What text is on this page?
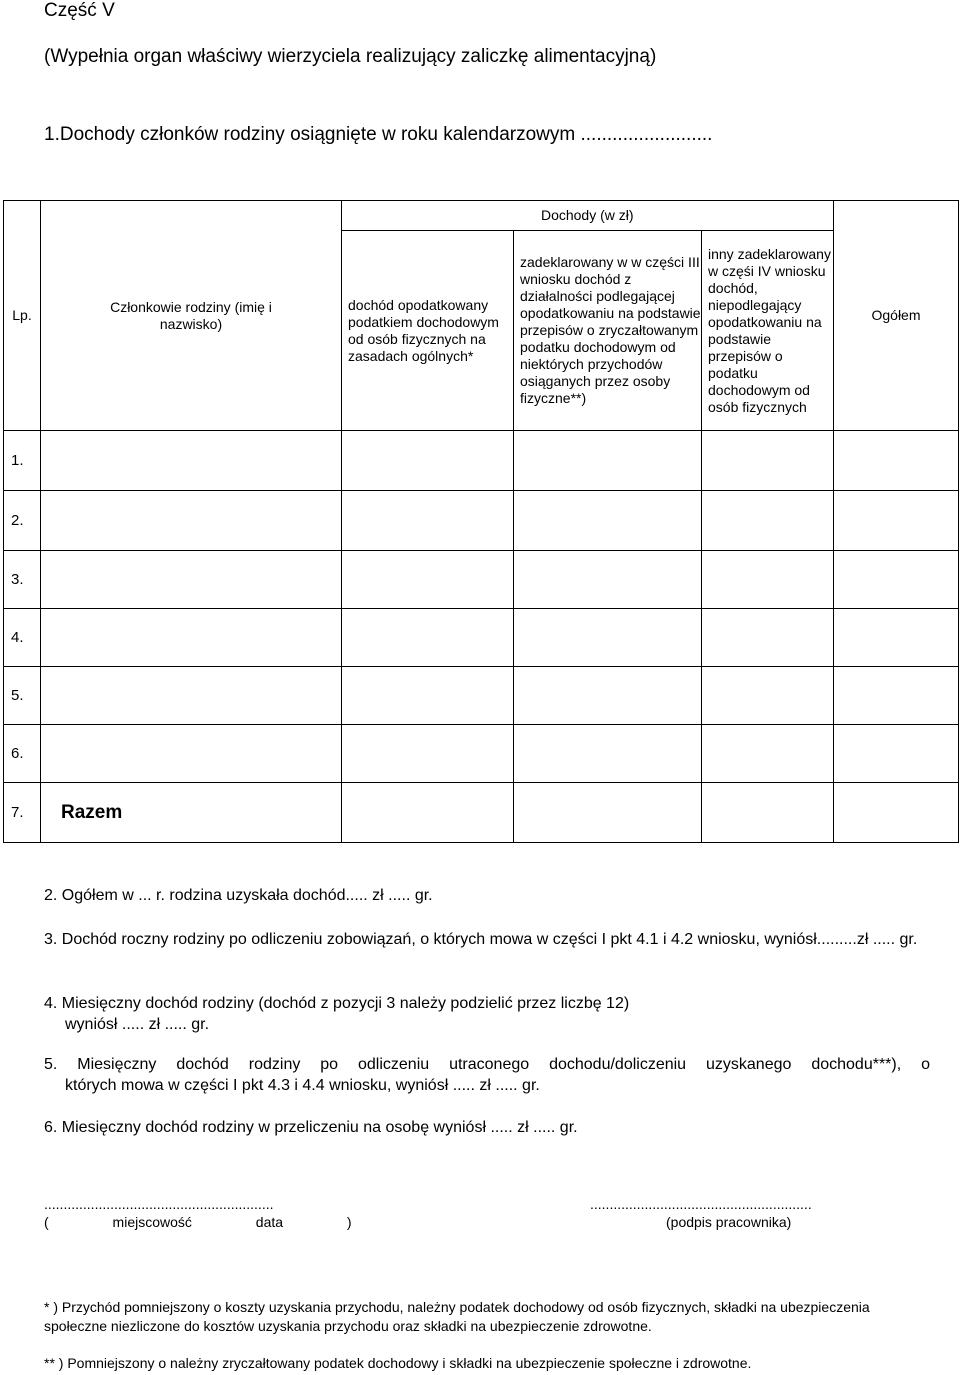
Część V
(Wypełnia organ właściwy wierzyciela realizujący zaliczkę alimentacyjną)
1.Dochody członków rodziny osiągnięte w roku kalendarzowym .........................
Lp.	Członkowie rodziny (imię i nazwisko)		Dochody (w zł)		Ogółem
		dochód opodatkowany podatkiem dochodowym od osób fizycznych na zasadach ogólnych*	zadeklarowany w w części III wniosku dochód z działalności podlegającej opodatkowaniu na podstawie przepisów o zryczałtowanym podatku dochodowym od niektórych przychodów osiąganych przez osoby fizyczne**)	inny zadeklarowany w częśi IV wniosku dochód, niepodlegający opodatkowaniu na podstawie przepisów o podatku dochodowym od osób fizycznych	
1.					
2.					
3.					
4.					
5.					
6.					
7.	Razem				
2. Ogółem w ... r. rodzina uzyskała dochód..... zł ..... gr.
3. Dochód roczny rodziny po odliczeniu zobowiązań, o których mowa w części I pkt 4.1 i 4.2 wniosku, wyniósł.........zł ..... gr.
4. Miesięczny dochód rodziny (dochód z pozycji 3 należy podzielić przez liczbę 12)
wyniósł ..... zł ..... gr.
5. Miesięczny dochód rodziny po odliczeniu utraconego dochodu/doliczeniu uzyskanego dochodu***), o
których mowa w części I pkt 4.3 i 4.4 wniosku, wyniósł ..... zł ..... gr.
6. Miesięczny dochód rodziny w przeliczeniu na osobę wyniósł ..... zł ..... gr.
...........................................................	.........................................................
( miejscowość data )	(podpis pracownika)
* ) Przychód pomniejszony o koszty uzyskania przychodu, należny podatek dochodowy od osób fizycznych, składki na ubezpieczenia społeczne niezliczone do kosztów uzyskania przychodu oraz składki na ubezpieczenie zdrowotne.
** ) Pomniejszony o należny zryczałtowany podatek dochodowy i składki na ubezpieczenie społeczne i zdrowotne.
